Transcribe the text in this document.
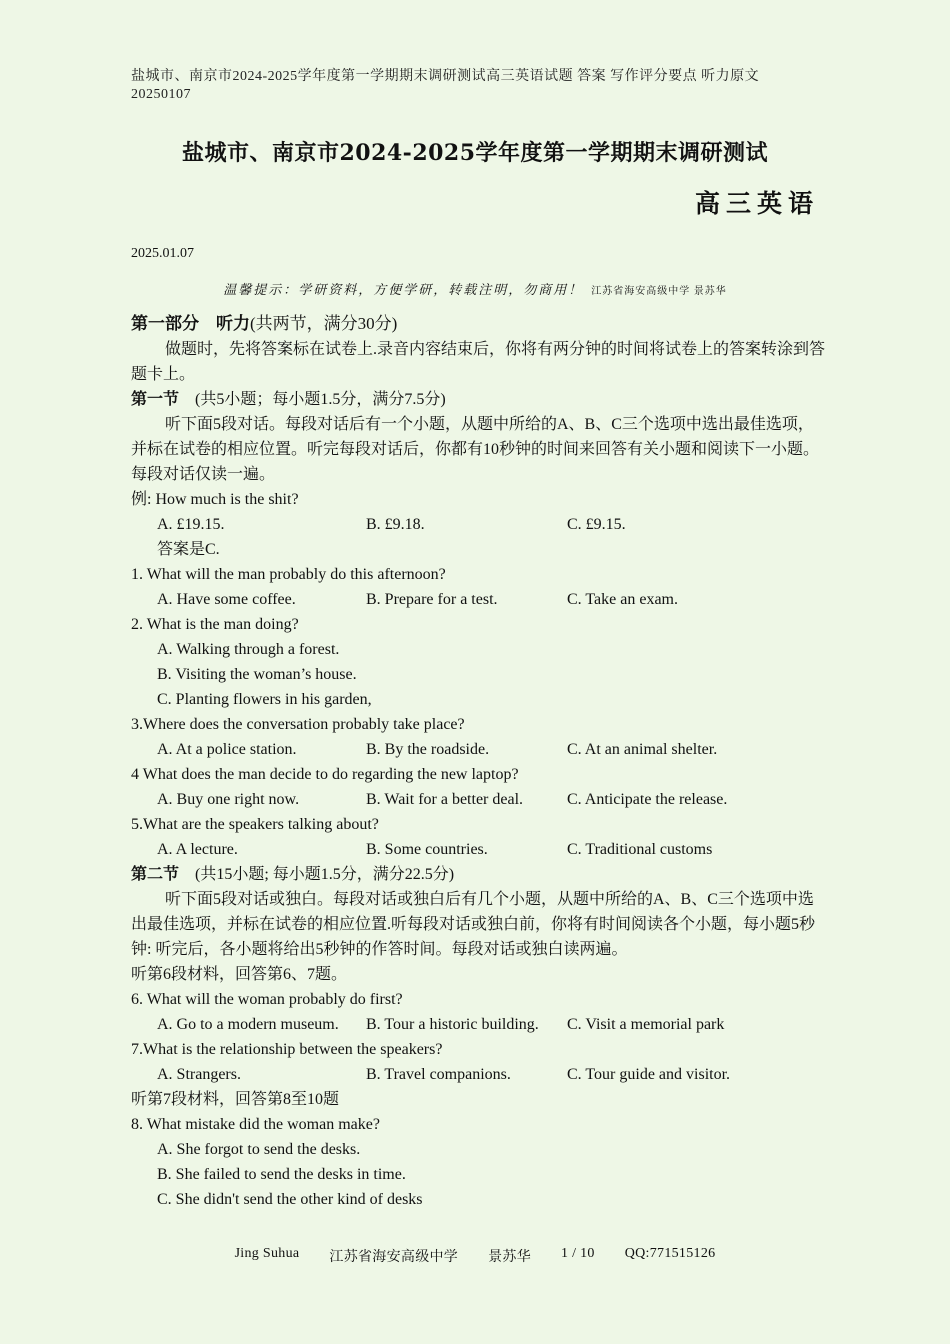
盐城市、南京市2024-2025学年度第一学期期末调研测试高三英语试题 答案 写作评分要点 听力原文 20250107
盐城市、南京市2024-2025学年度第一学期期末调研测试
高三英语
2025.01.07
温馨提示：学研资料，方便学研，转载注明，勿商用！ 江苏省海安高级中学 景苏华

第一部分　听力(共两节，满分30分)

做题时，先将答案标在试卷上.录音内容结束后，你将有两分钟的时间将试卷上的答案转涂到答题卡上。

第一节　 (共5小题；每小题1.5分，满分7.5分)

听下面5段对话。每段对话后有一个小题，从题中所给的A、B、C三个选项中选出最佳选项，并标在试卷的相应位置。听完每段对话后，你都有10秒钟的时间来回答有关小题和阅读下一小题。每段对话仅读一遍。

例: How much is the shit?

A. £19.15.	B. £9.18.	C. £9.15.

答案是C.

1. What will the man probably do this afternoon?

A. Have some coffee.	B. Prepare for a test.	C. Take an exam.

2. What is the man doing?

A. Walking through a forest.

B. Visiting the woman’s house.

C. Planting flowers in his garden,

3.Where does the conversation probably take place?

A. At a police station.	B. By the roadside.	C. At an animal shelter.

4 What does the man decide to do regarding the new laptop?

A. Buy one right now.	B. Wait for a better deal.	C. Anticipate the release.

5.What are the speakers talking about?

A. A lecture.	B. Some countries.	C. Traditional customs

第二节　 (共15小题; 每小题1.5分，满分22.5分)

听下面5段对话或独白。每段对话或独白后有几个小题，从题中所给的A、B、C三个选项中选出最佳选项，并标在试卷的相应位置.听每段对话或独白前，你将有时间阅读各个小题，每小题5秒钟: 听完后，各小题将给出5秒钟的作答时间。每段对话或独白读两遍。

听第6段材料，回答第6、7题。

6. What will the woman probably do first?

A. Go to a modern museum.	B. Tour a historic building.	C. Visit a memorial park

7.What is the relationship between the speakers?

A. Strangers.	B. Travel companions.	C. Tour guide and visitor.

听第7段材料，回答第8至10题

8. What mistake did the woman make?

A. She forgot to send the desks.

B. She failed to send the desks in time.

C. She didn't send the other kind of desks

Jing Suhua 江苏省海安高级中学 景苏华 1 / 10 QQ:771515126
